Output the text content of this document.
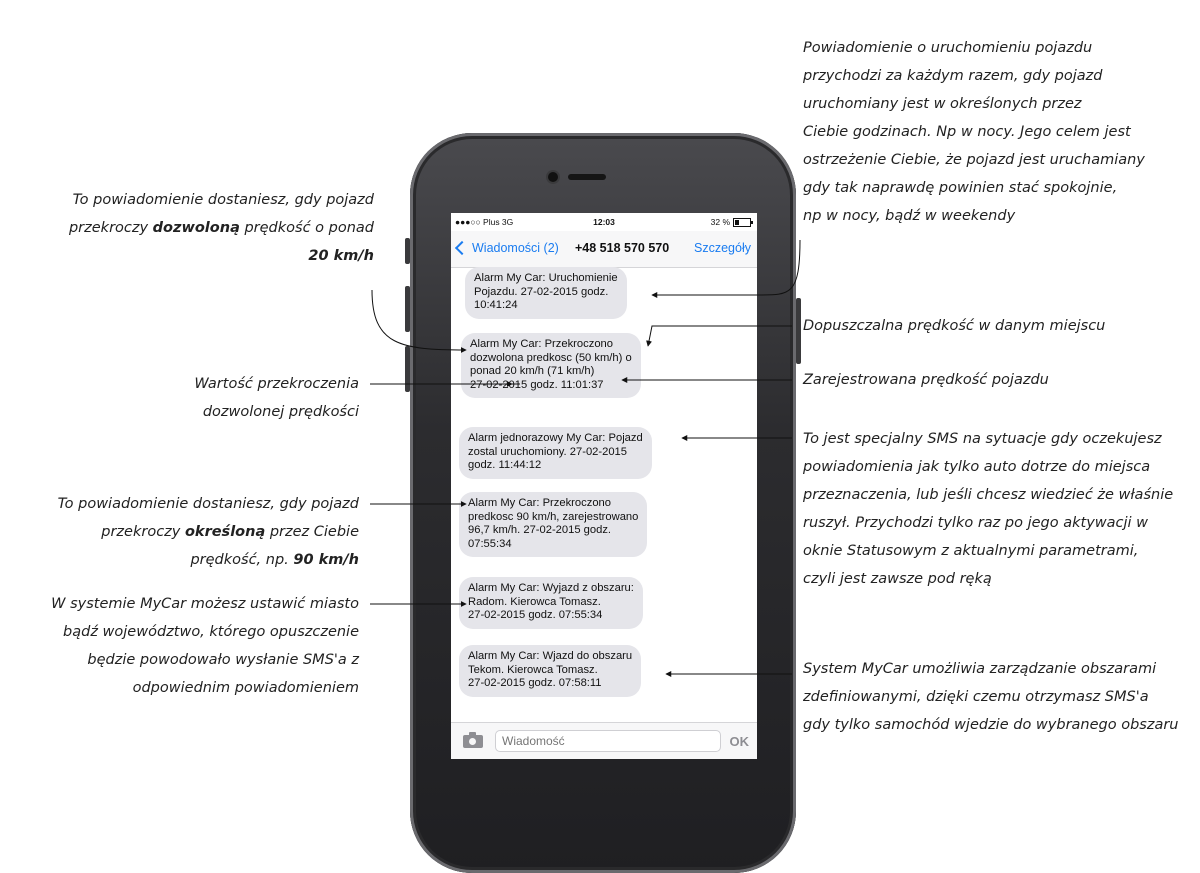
●●●○○ Plus 3G	12:03	32 %
Wiadomości (2) +48 518 570 570 Szczegóły
Alarm My Car: Uruchomienie
Pojazdu. 27-02-2015 godz.
10:41:24
Alarm My Car: Przekroczono
dozwolona predkosc (50 km/h) o
ponad 20 km/h (71 km/h)
27-02-2015 godz. 11:01:37
Alarm jednorazowy My Car: Pojazd
zostal uruchomiony. 27-02-2015
godz. 11:44:12
Alarm My Car: Przekroczono
predkosc 90 km/h, zarejestrowano
96,7 km/h. 27-02-2015 godz.
07:55:34
Alarm My Car: Wyjazd z obszaru:
Radom. Kierowca Tomasz.
27-02-2015 godz. 07:55:34
Alarm My Car: Wjazd do obszaru
Tekom. Kierowca Tomasz.
27-02-2015 godz. 07:58:11
Wiadomość
OK
Powiadomienie o uruchomieniu pojazdu
przychodzi za każdym razem, gdy pojazd
uruchomiany jest w określonych przez
Ciebie godzinach. Np w nocy. Jego celem jest
ostrzeżenie Ciebie, że pojazd jest uruchamiany
gdy tak naprawdę powinien stać spokojnie,
np w nocy, bądź w weekendy
Dopuszczalna prędkość w danym miejscu
Zarejestrowana prędkość pojazdu
To jest specjalny SMS na sytuacje gdy oczekujesz
powiadomienia jak tylko auto dotrze do miejsca
przeznaczenia, lub jeśli chcesz wiedzieć że właśnie
ruszył. Przychodzi tylko raz po jego aktywacji w
oknie Statusowym z aktualnymi parametrami,
czyli jest zawsze pod ręką
System MyCar umożliwia zarządzanie obszarami
zdefiniowanymi, dzięki czemu otrzymasz SMS'a
gdy tylko samochód wjedzie do wybranego obszaru
To powiadomienie dostaniesz, gdy pojazd
przekroczy dozwoloną prędkość o ponad
20 km/h
Wartość przekroczenia
dozwolonej prędkości
To powiadomienie dostaniesz, gdy pojazd
przekroczy określoną przez Ciebie
prędkość, np. 90 km/h
W systemie MyCar możesz ustawić miasto
bądź województwo, którego opuszczenie
będzie powodowało wysłanie SMS'a z
odpowiednim powiadomieniem
